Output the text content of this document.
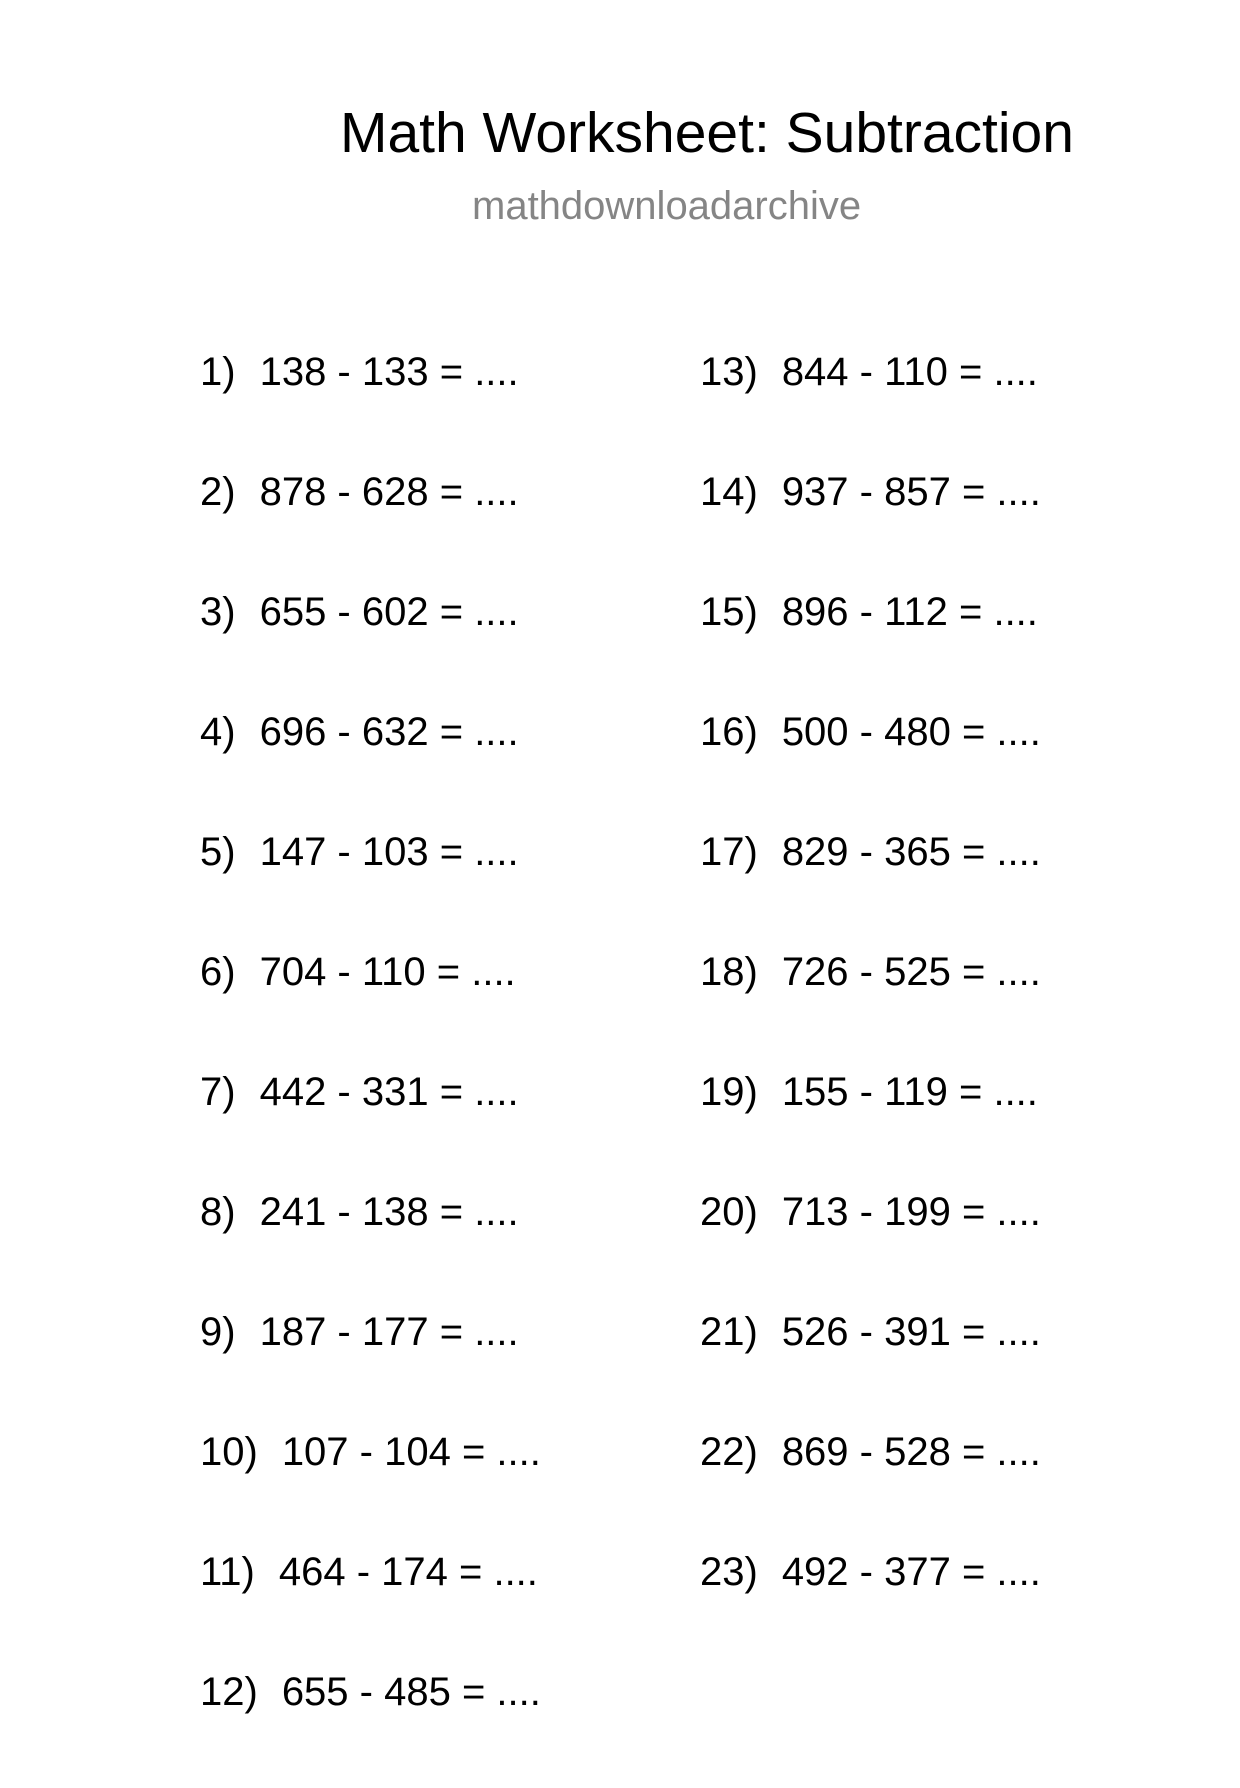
Math Worksheet: Subtraction
mathdownloadarchive
1) 138 - 133 = ....
2) 878 - 628 = ....
3) 655 - 602 = ....
4) 696 - 632 = ....
5) 147 - 103 = ....
6) 704 - 110 = ....
7) 442 - 331 = ....
8) 241 - 138 = ....
9) 187 - 177 = ....
10) 107 - 104 = ....
11) 464 - 174 = ....
12) 655 - 485 = ....
13) 844 - 110 = ....
14) 937 - 857 = ....
15) 896 - 112 = ....
16) 500 - 480 = ....
17) 829 - 365 = ....
18) 726 - 525 = ....
19) 155 - 119 = ....
20) 713 - 199 = ....
21) 526 - 391 = ....
22) 869 - 528 = ....
23) 492 - 377 = ....
